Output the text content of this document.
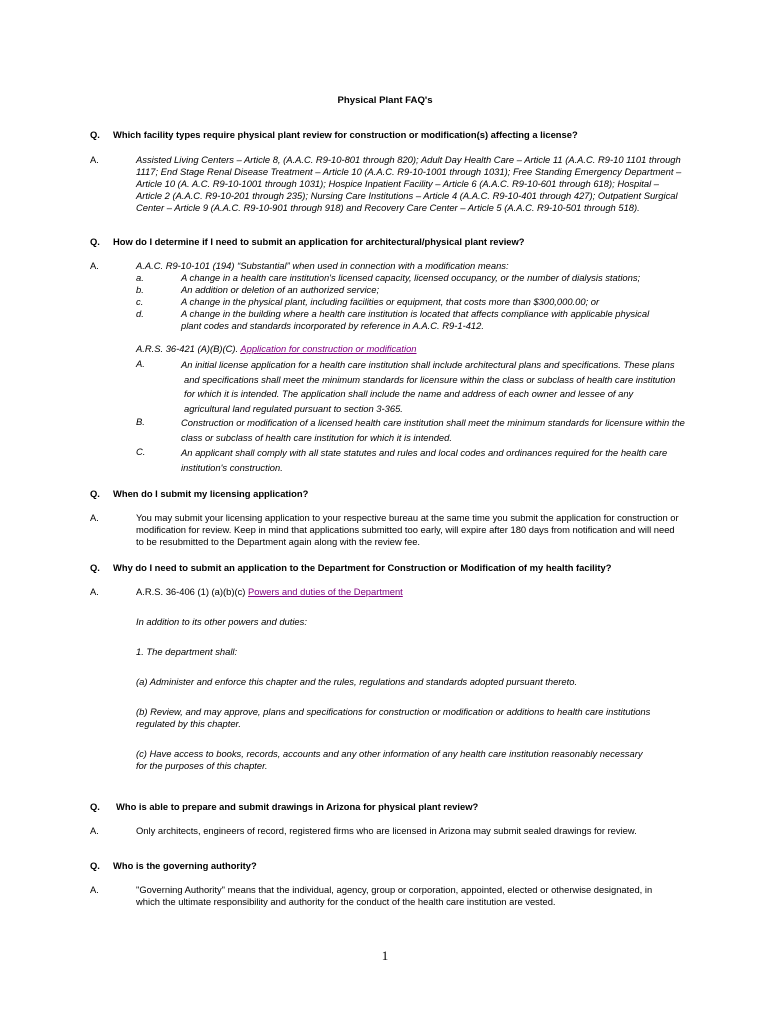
Physical Plant FAQ's
Q. Which facility types require physical plant review for construction or modification(s) affecting a license?
A.	Assisted Living Centers – Article 8, (A.A.C. R9-10-801 through 820); Adult Day Health Care – Article 11 (A.A.C. R9-10 1101 through 1117; End Stage Renal Disease Treatment – Article 10 (A.A.C. R9-10-1001 through 1031); Free Standing Emergency Department – Article 10 (A. A.C. R9-10-1001 through 1031); Hospice Inpatient Facility – Article 6 (A.A.C. R9-10-601 through 618); Hospital – Article 2 (A.A.C. R9-10-201 through 235); Nursing Care Institutions – Article 4 (A.A.C. R9-10-401 through 427); Outpatient Surgical Center – Article 9 (A.A.C. R9-10-901 through 918) and Recovery Care Center – Article 5 (A.A.C. R9-10-501 through 518).
Q. How do I determine if I need to submit an application for architectural/physical plant review?
A.	A.A.C. R9-10-101 (194) “Substantial” when used in connection with a modification means:
a.	A change in a health care institution's licensed capacity, licensed occupancy, or the number of dialysis stations;
b.	An addition or deletion of an authorized service;
c.	A change in the physical plant, including facilities or equipment, that costs more than $300,000.00; or
d.	A change in the building where a health care institution is located that affects compliance with applicable physical plant codes and standards incorporated by reference in A.A.C. R9-1-412.
A.R.S. 36-421 (A)(B)(C). Application for construction or modification
A.	An initial license application for a health care institution shall include architectural plans and specifications. These plans and specifications shall meet the minimum standards for licensure within the class or subclass of health care institution for which it is intended. The application shall include the name and address of each owner and lessee of any agricultural land regulated pursuant to section 3-365.
B.	Construction or modification of a licensed health care institution shall meet the minimum standards for licensure within the class or subclass of health care institution for which it is intended.
C.	An applicant shall comply with all state statutes and rules and local codes and ordinances required for the health care institution's construction.
Q. When do I submit my licensing application?
A.	You may submit your licensing application to your respective bureau at the same time you submit the application for construction or modification for review. Keep in mind that applications submitted too early, will expire after 180 days from notification and will need to be resubmitted to the Department again along with the review fee.
Q. Why do I need to submit an application to the Department for Construction or Modification of my health facility?
A.	A.R.S. 36-406 (1) (a)(b)(c) Powers and duties of the Department
In addition to its other powers and duties:
1. The department shall:
(a) Administer and enforce this chapter and the rules, regulations and standards adopted pursuant thereto.
(b) Review, and may approve, plans and specifications for construction or modification or additions to health care institutions regulated by this chapter.
(c) Have access to books, records, accounts and any other information of any health care institution reasonably necessary for the purposes of this chapter.
Q. Who is able to prepare and submit drawings in Arizona for physical plant review?
A.	Only architects, engineers of record, registered firms who are licensed in Arizona may submit sealed drawings for review.
Q. Who is the governing authority?
A.	"Governing Authority" means that the individual, agency, group or corporation, appointed, elected or otherwise designated, in which the ultimate responsibility and authority for the conduct of the health care institution are vested.
1
